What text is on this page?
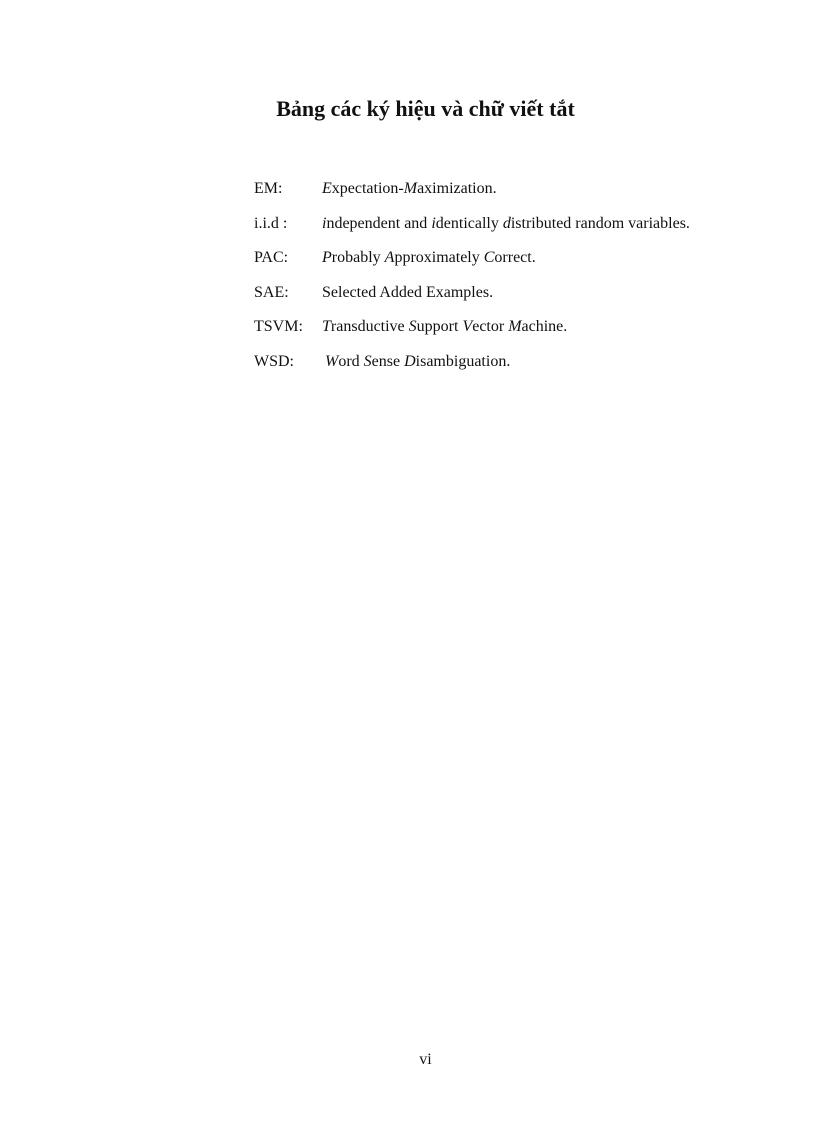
Bảng các ký hiệu và chữ viết tắt
EM:	Expectation-Maximization.
i.i.d :	independent and identically distributed random variables.
PAC:	Probably Approximately Correct.
SAE:	Selected Added Examples.
TSVM:	Transductive Support Vector Machine.
WSD:	Word Sense Disambiguation.
vi
